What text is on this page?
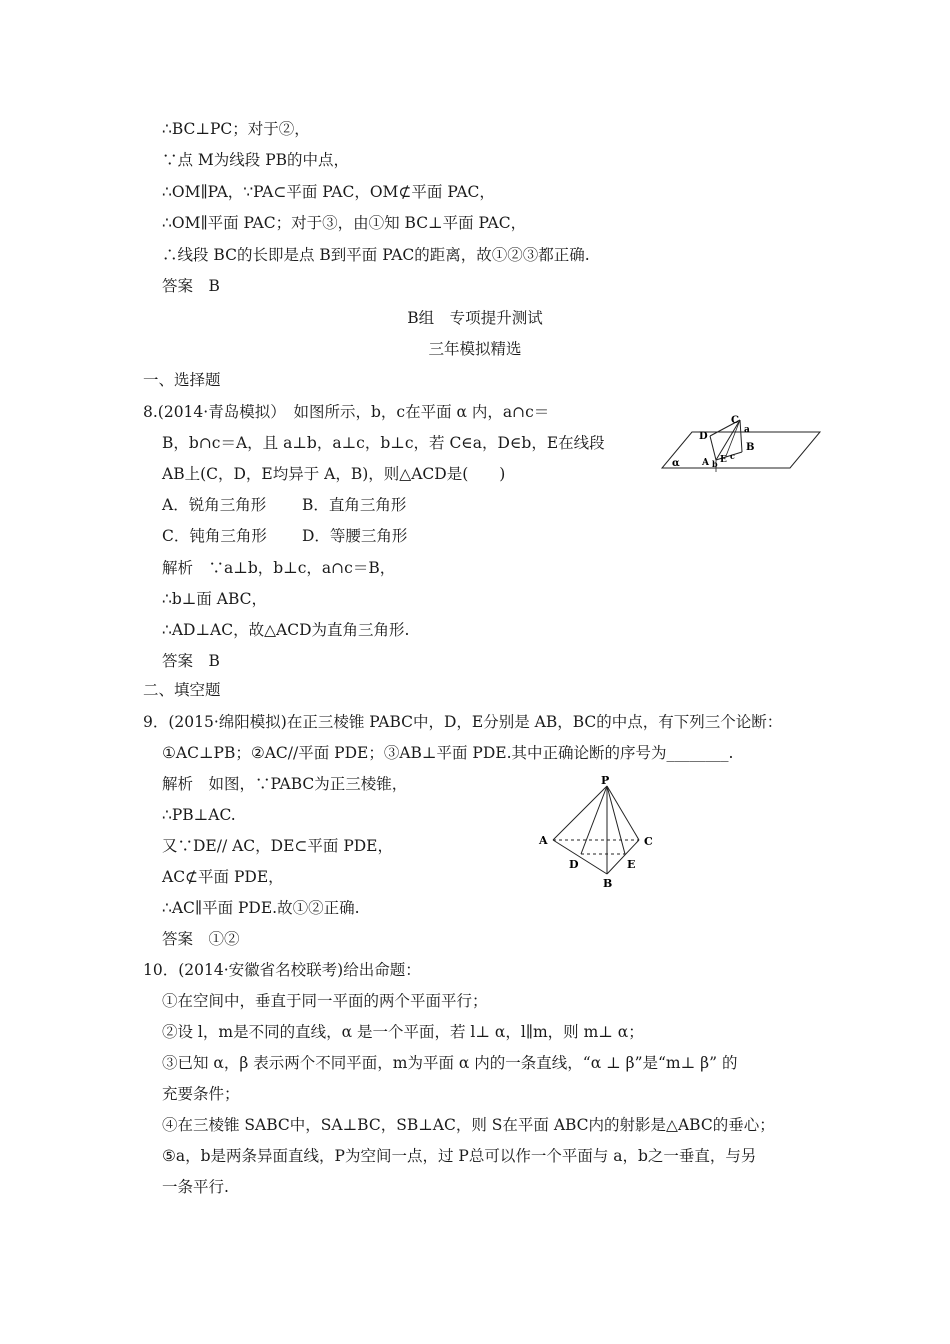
∴BC⊥PC；对于②，
∵点 M为线段 PB的中点，
∴OM∥PA，∵PA⊂平面 PAC，OM⊄平面 PAC，
∴OM∥平面 PAC；对于③，由①知 BC⊥平面 PAC，
∴线段 BC的长即是点 B到平面 PAC的距离，故①②③都正确.
答案　B
B组　专项提升测试
三年模拟精选
一、选择题
8.(2014·青岛模拟）　如图所示，b，c在平面 α 内，a∩c＝
B，b∩c＝A，且 a⊥b，a⊥c，b⊥c，若 C∈a，D∈b，E在线段
AB上(C，D，E均异于 A，B)，则△ACD是(　　)
A．锐角三角形 B．直角三角形
C．钝角三角形 D．等腰三角形
解析　∵a⊥b，b⊥c，a∩c＝B，
∴b⊥面 ABC，
∴AD⊥AC，故△ACD为直角三角形.
答案　B
C
a
D
B
α A b E c
二、填空题
9．(2015·绵阳模拟)在正三棱锥 PABC中，D，E分别是 AB，BC的中点，有下列三个论断：
①AC⊥PB；②AC//平面 PDE；③AB⊥平面 PDE.其中正确论断的序号为________.
解析　如图，∵PABC为正三棱锥，
∴PB⊥AC.
又∵DE// AC，DE⊂平面 PDE，
AC⊄平面 PDE，
∴AC∥平面 PDE.故①②正确.
答案　①②
P
A	C
D	E
B
10．(2014·安徽省名校联考)给出命题：
①在空间中，垂直于同一平面的两个平面平行；
②设 l，m是不同的直线，α 是一个平面，若 l⊥ α，l∥m，则 m⊥ α；
③已知 α，β 表示两个不同平面，m为平面 α 内的一条直线，“α ⊥ β”是“m⊥ β” 的
充要条件；
④在三棱锥 SABC中，SA⊥BC，SB⊥AC，则 S在平面 ABC内的射影是△ABC的垂心；
⑤a，b是两条异面直线，P为空间一点，过 P总可以作一个平面与 a，b之一垂直，与另
一条平行.
